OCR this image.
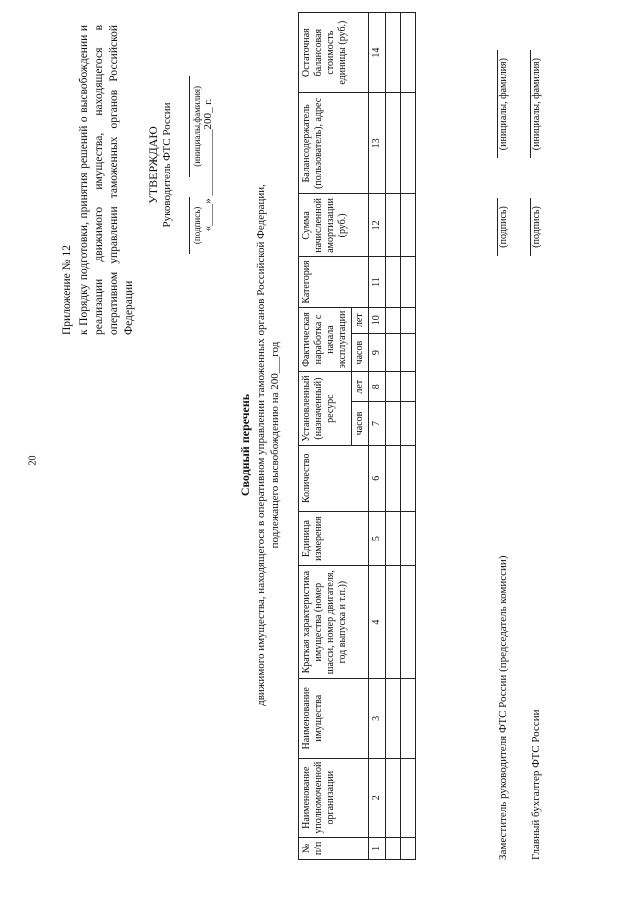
20
Приложение № 12 к Порядку подготовки, принятия решений о высвобождении и реализации движимого имущества, находящегося в оперативном управлении таможенных органов Российской Федерации
УТВЕРЖДАЮ Руководитель ФТС России	(подпись)
(инициалы,фамилия) «____» ____________200_ г.
Сводный перечень движимого имущества, находящегося в оперативном управлении таможенных органов Российской Федерации, подлежащего высвобождению на 200___год
№ п/п	Наименование уполномоченной организации	Наименование имущества	Краткая характеристика имущества (номер шасси, номер двигателя, год выпуска и т.п.))	Единица измерения	Количество	Установленный (назначенный) ресурс		Фактическая наработка с начала эксплуатации		Категория	Сумма начисленной амортизации (руб.)	Балансодержатель (пользователь), адрес	Остаточная балансовая стоимость единицы (руб.)
						часов	лет	часов	лет				
1	2	3	4	5	6	7	8	9	10	11	12	13	14

Заместитель руководителя ФТС России (председатель комиссии)
(подпись)
(инициалы, фамилия)
Главный бухгалтер ФТС России
(подпись)
(инициалы, фамилия)
